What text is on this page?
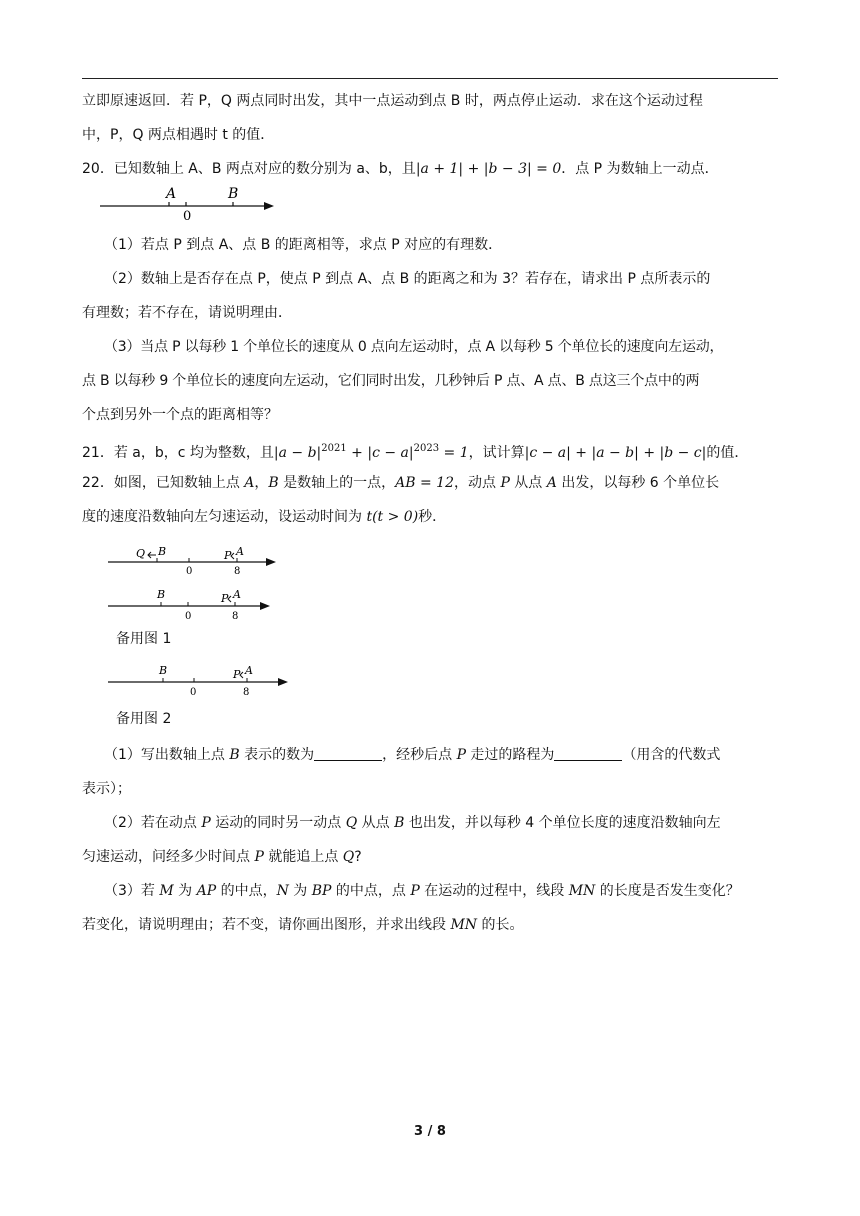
立即原速返回．若 P，Q 两点同时出发，其中一点运动到点 B 时，两点停止运动．求在这个运动过程
中，P，Q 两点相遇时 t 的值．
20．已知数轴上 A、B 两点对应的数分别为 a、b，且|a + 1| + |b − 3| = 0．点 P 为数轴上一动点．
A	B
0
（1）若点 P 到点 A、点 B 的距离相等，求点 P 对应的有理数．
（2）数轴上是否存在点 P，使点 P 到点 A、点 B 的距离之和为 3？若存在，请求出 P 点所表示的
有理数；若不存在，请说明理由．
（3）当点 P 以每秒 1 个单位长的速度从 0 点向左运动时，点 A 以每秒 5 个单位长的速度向左运动，
点 B 以每秒 9 个单位长的速度向左运动，它们同时出发，几秒钟后 P 点、A 点、B 点这三个点中的两
个点到另外一个点的距离相等？
21．若 a，b，c 均为整数，且$|a - b|^{2021} + |c - a|^{2023} = 1$，试计算|c − a| + |a − b| + |b − c|的值．
22．如图，已知数轴上点 A，B 是数轴上的一点，AB = 12，动点 P 从点 A 出发，以每秒 6 个单位长
度的速度沿数轴向左匀速运动，设运动时间为 t(t > 0)秒．
Q B	P A
0	8
B	P A
0	8
备用图 1
B	P A
0	8
备用图 2
（1）写出数轴上点 B 表示的数为	，经秒后点 P 走过的路程为	（用含的代数式
表示）；
（2）若在动点 P 运动的同时另一动点 Q 从点 B 也出发，并以每秒 4 个单位长度的速度沿数轴向左
匀速运动，问经多少时间点 P 就能追上点 Q?
（3）若 M 为 AP 的中点，N 为 BP 的中点，点 P 在运动的过程中，线段 MN 的长度是否发生变化？
若变化，请说明理由；若不变，请你画出图形，并求出线段 MN 的长。
3 / 8
